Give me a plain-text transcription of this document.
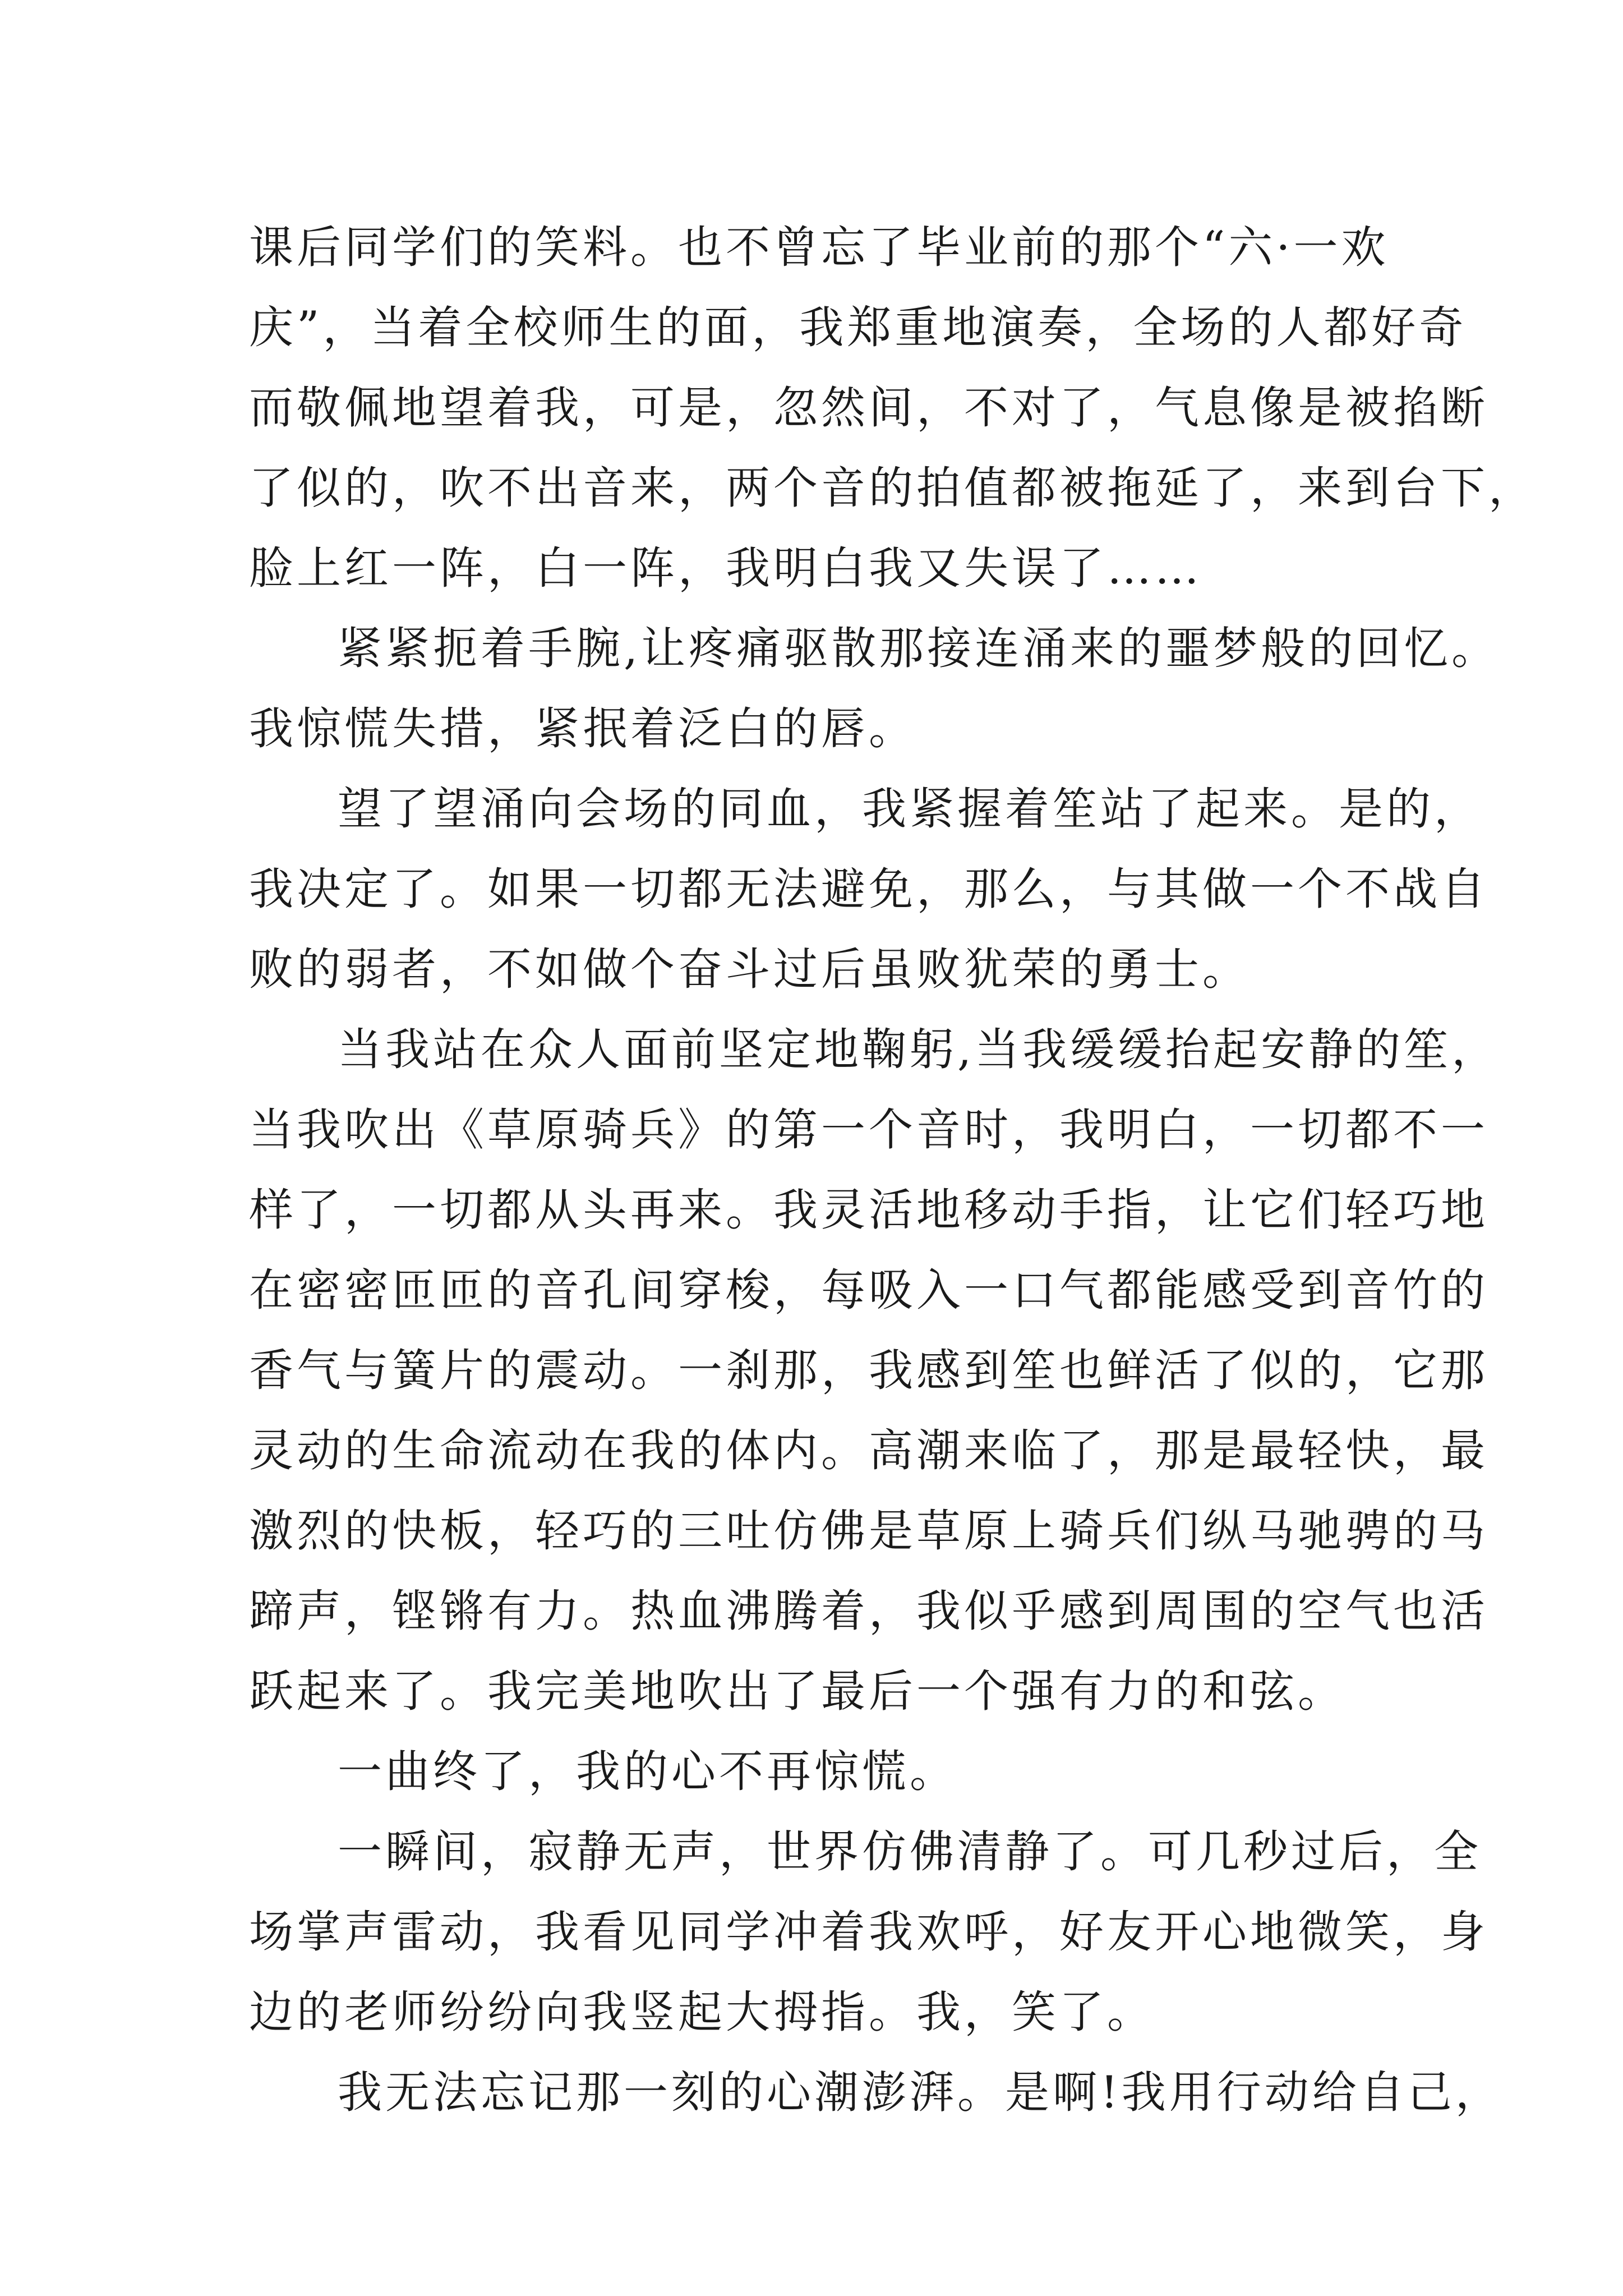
课后同学们的笑料。也不曾忘了毕业前的那个“六·一欢
庆”，当着全校师生的面，我郑重地演奏，全场的人都好奇
而敬佩地望着我，可是，忽然间，不对了，气息像是被掐断
了似的，吹不出音来，两个音的拍值都被拖延了，来到台下，
脸上红一阵，白一阵，我明白我又失误了……
紧紧扼着手腕,让疼痛驱散那接连涌来的噩梦般的回忆。
我惊慌失措，紧抿着泛白的唇。
望了望涌向会场的同血，我紧握着笙站了起来。是的，
我决定了。如果一切都无法避免，那么，与其做一个不战自
败的弱者，不如做个奋斗过后虽败犹荣的勇士。
当我站在众人面前坚定地鞠躬,当我缓缓抬起安静的笙，
当我吹出《草原骑兵》的第一个音时，我明白，一切都不一
样了，一切都从头再来。我灵活地移动手指，让它们轻巧地
在密密匝匝的音孔间穿梭，每吸入一口气都能感受到音竹的
香气与簧片的震动。一刹那，我感到笙也鲜活了似的，它那
灵动的生命流动在我的体内。高潮来临了，那是最轻快，最
激烈的快板，轻巧的三吐仿佛是草原上骑兵们纵马驰骋的马
蹄声，铿锵有力。热血沸腾着，我似乎感到周围的空气也活
跃起来了。我完美地吹出了最后一个强有力的和弦。
一曲终了，我的心不再惊慌。
一瞬间，寂静无声，世界仿佛清静了。可几秒过后，全
场掌声雷动，我看见同学冲着我欢呼，好友开心地微笑，身
边的老师纷纷向我竖起大拇指。我，笑了。
我无法忘记那一刻的心潮澎湃。是啊!我用行动给自己，
